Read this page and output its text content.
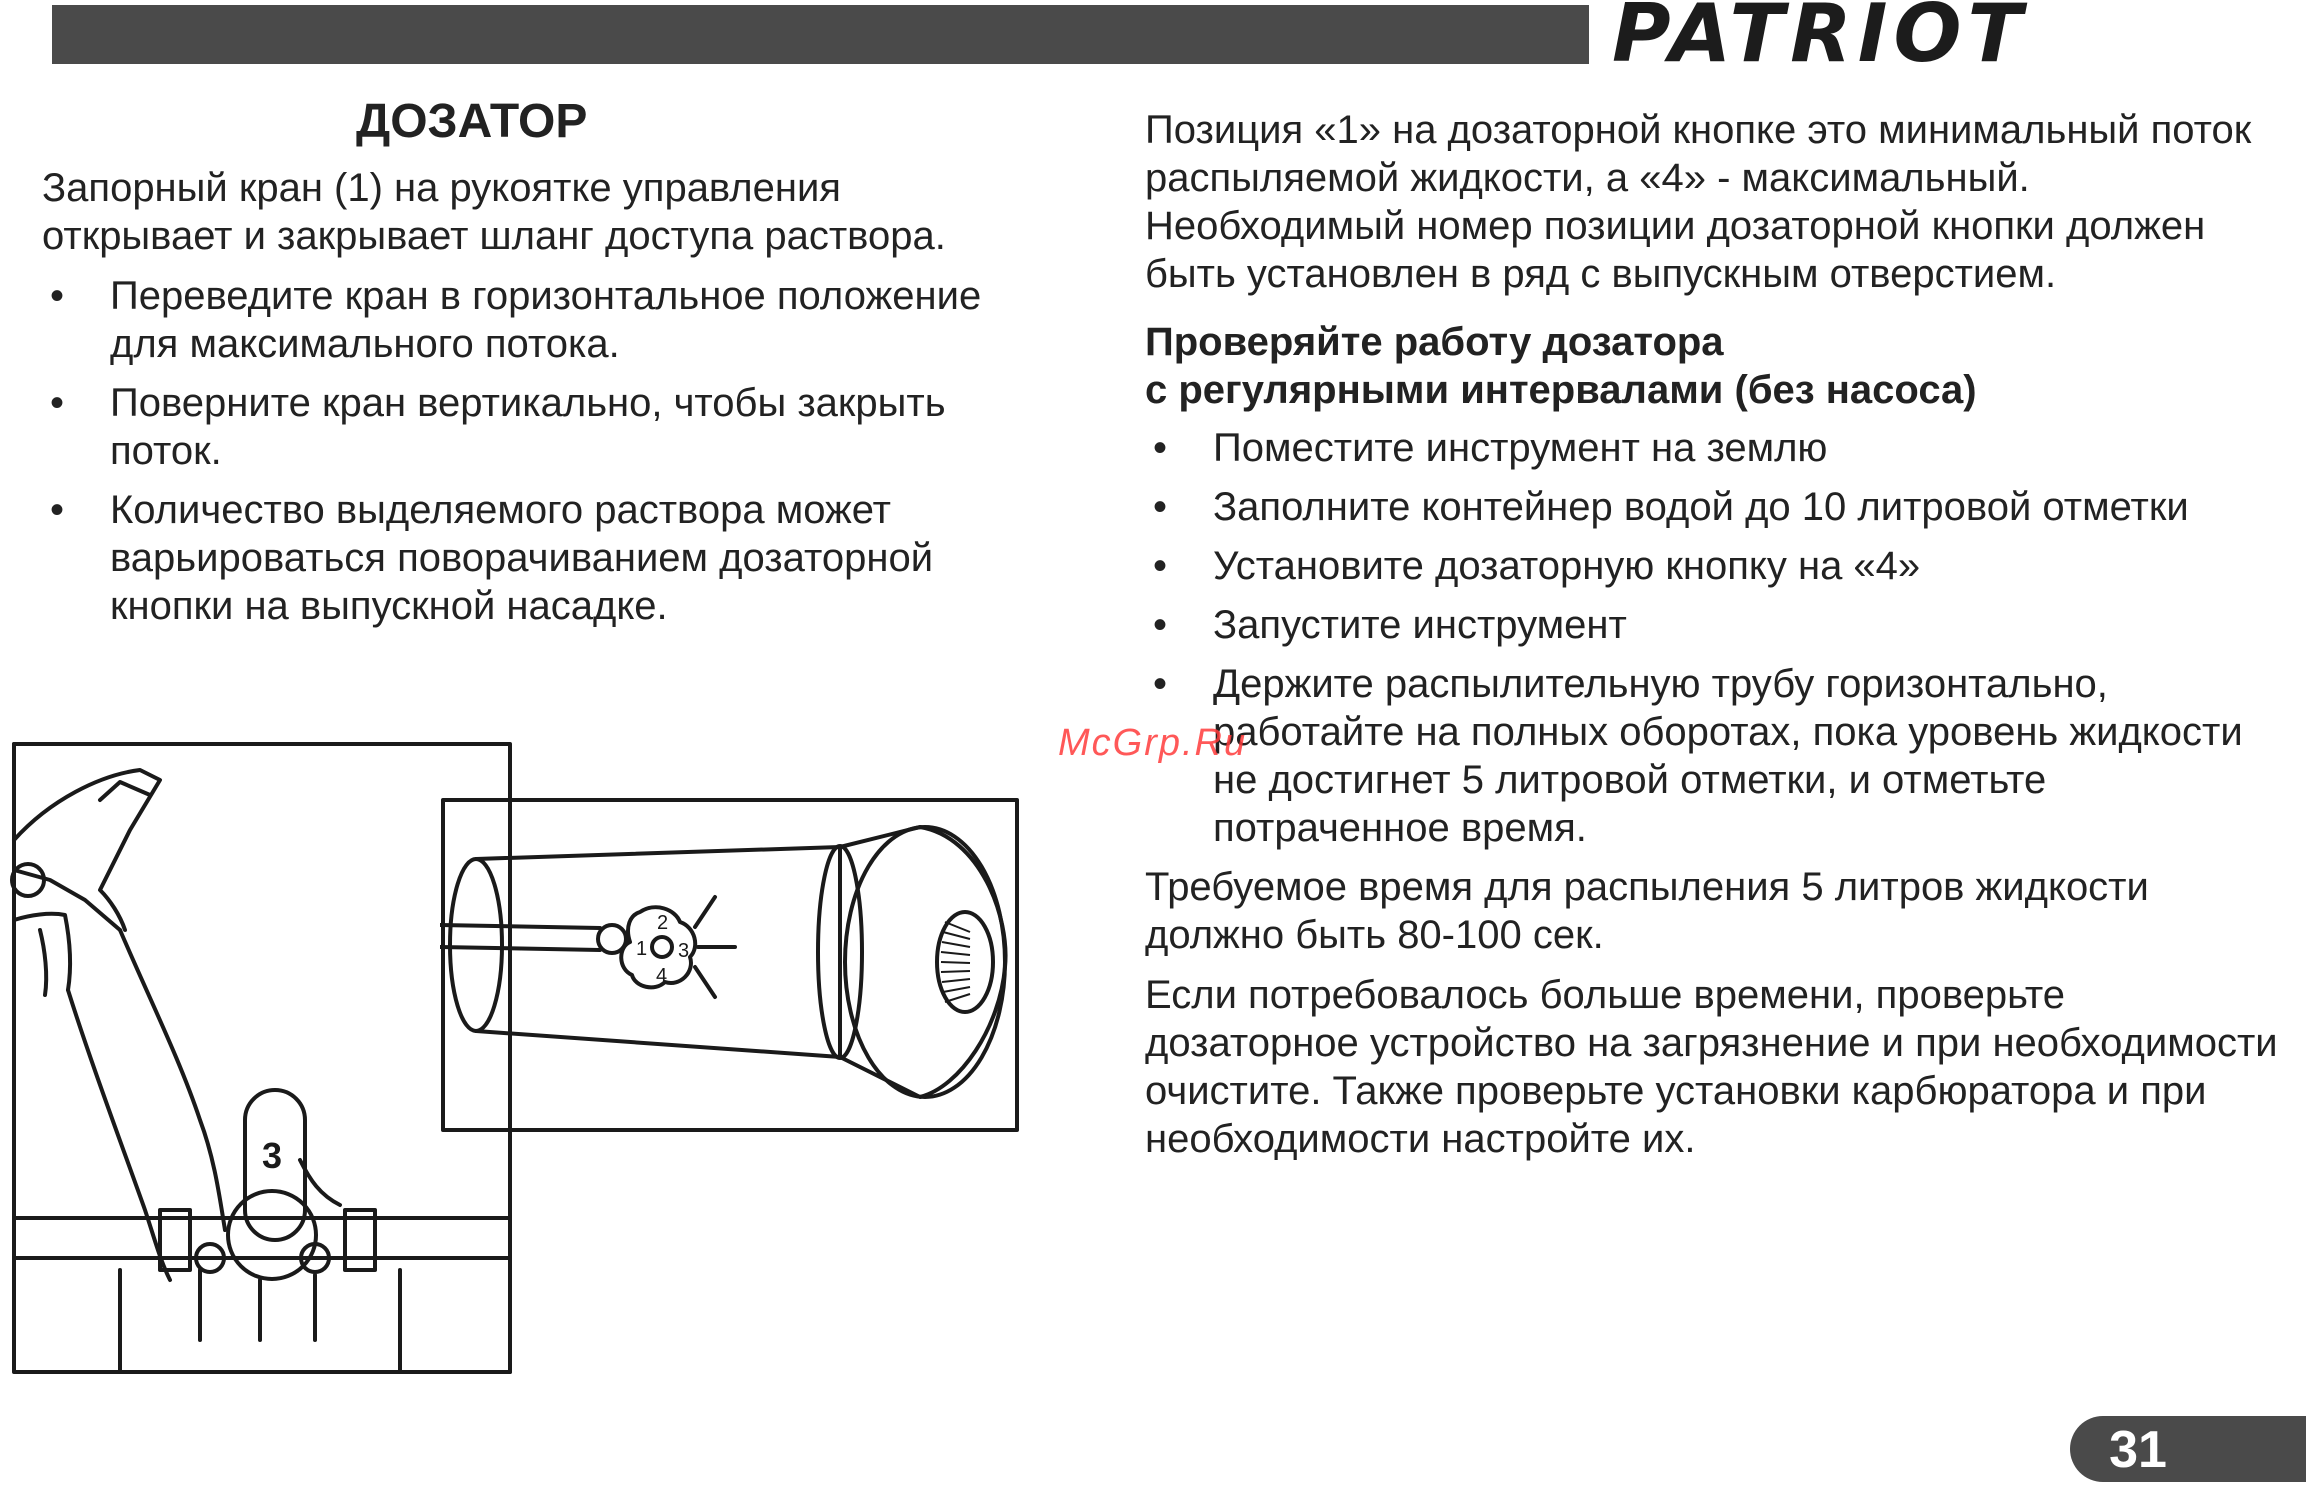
PATRIOT
ДОЗАТОР

Запорный кран (1) на рукоятке управления открывает и закрывает шланг доступа раствора.

• Переведите кран в горизонтальное положение для максимального потока.
• Поверните кран вертикально, чтобы закрыть поток.
• Количество выделяемого раствора может варьироваться поворачиванием дозаторной кнопки на выпускной насадке.
3
1
2
3
4

Позиция «1» на дозаторной кнопке это минимальный поток распыляемой жидкости, а «4» - максимальный. Необходимый номер позиции дозаторной кнопки должен быть установлен в ряд с выпускным отверстием.

Проверяйте работу дозатора
с регулярными интервалами (без насоса)

• Поместите инструмент на землю
• Заполните контейнер водой до 10 литровой отметки
• Установите дозаторную кнопку на «4»
• Запустите инструмент
• Держите распылительную трубу горизонтально, работайте на полных оборотах, пока уровень жидкости не достигнет 5 литровой отметки, и отметьте потраченное время.

Требуемое время для распыления 5 литров жидкости должно быть 80-100 сек.

Если потребовалось больше времени, проверьте дозаторное устройство на загрязнение и при необходимости очистите. Также проверьте установки карбюратора и при необходимости настройте их.

McGrp.Ru
31
